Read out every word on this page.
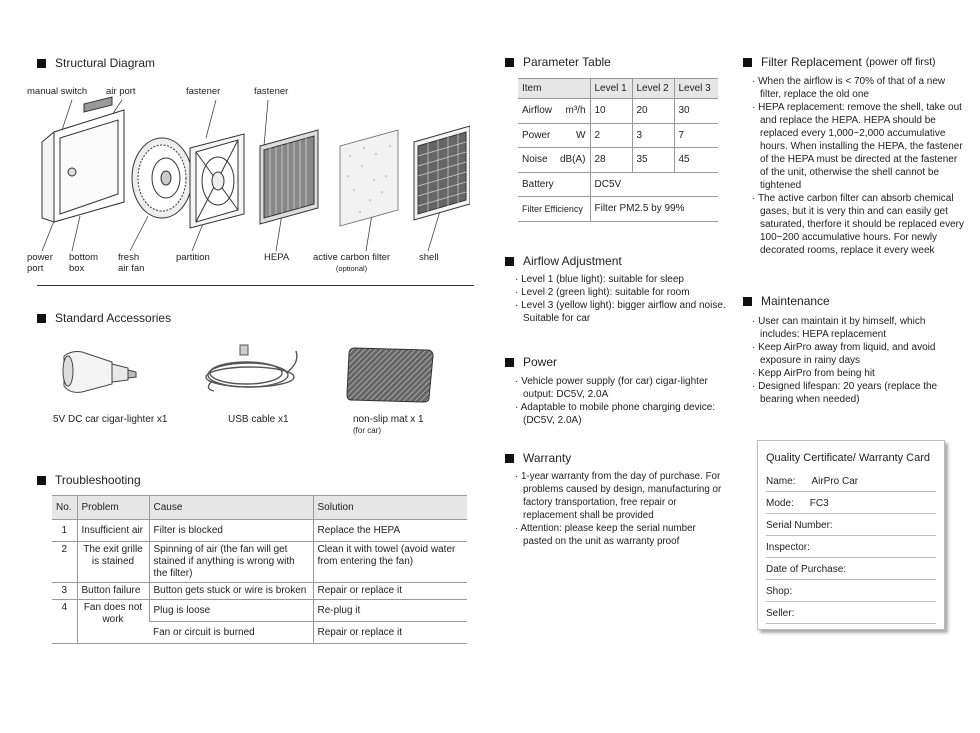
Structural Diagram
manual switch air port	fastener	fastener
power
port
bottom
box
fresh
air fan
partition	HEPA	active carbon filter
(optional)
shell
Standard Accessories
5V DC car cigar-lighter x1	USB cable x1	non-slip mat x 1
(for car)
Troubleshooting
No.	Problem	Cause	Solution
1	Insufficient air	Filter is blocked	Replace the HEPA
2	The exit grille is stained	Spinning of air (the fan will get stained if anything is wrong with the filter)	Clean it with towel (avoid water from entering the fan)
3	Button failure	Button gets stuck or wire is broken	Repair or replace it
4	Fan does not work	Plug is loose	Re-plug it
		Fan or circuit is burned	Repair or replace it
Parameter Table
Item	Level 1	Level 2	Level 3
Airflow m³/h	10	20	30
Power W	2	3	7
Noise dB(A)	28	35	45
Battery	DC5V		
Filter Efficiency	Filter PM2.5 by 99%		
Airflow Adjustment
· Level 1 (blue light): suitable for sleep
· Level 2 (green light): suitable for room
· Level 3 (yellow light): bigger airflow and noise. Suitable for car
Power
· Vehicle power supply (for car) cigar-lighter output: DC5V, 2.0A
· Adaptable to mobile phone charging device: (DC5V, 2.0A)
Warranty
· 1-year warranty from the day of purchase. For problems caused by design, manufacturing or factory transportation, free repair or replacement shall be provided
· Attention: please keep the serial number pasted on the unit as warranty proof
Filter Replacement (power off first)
· When the airflow is < 70% of that of a new filter, replace the old one
· HEPA replacement: remove the shell, take out and replace the HEPA. HEPA should be replaced every 1,000~2,000 accumulative hours. When installing the HEPA, the fastener of the HEPA must be directed at the fastener of the unit, otherwise the shell cannot be tightened
· The active carbon filter can absorb chemical gases, but it is very thin and can easily get saturated, therfore it should be replaced every 100~200 accumulative hours. For newly decorated rooms, replace it every week
Maintenance
· User can maintain it by himself, which includes: HEPA replacement
· Keep AirPro away from liquid, and avoid exposure in rainy days
· Kepp AirPro from being hit
· Designed lifespan: 20 years (replace the bearing when needed)
Quality Certificate/ Warranty Card
Name: AirPro Car
Mode: FC3
Serial Number:
Inspector:
Date of Purchase:
Shop:
Seller:
